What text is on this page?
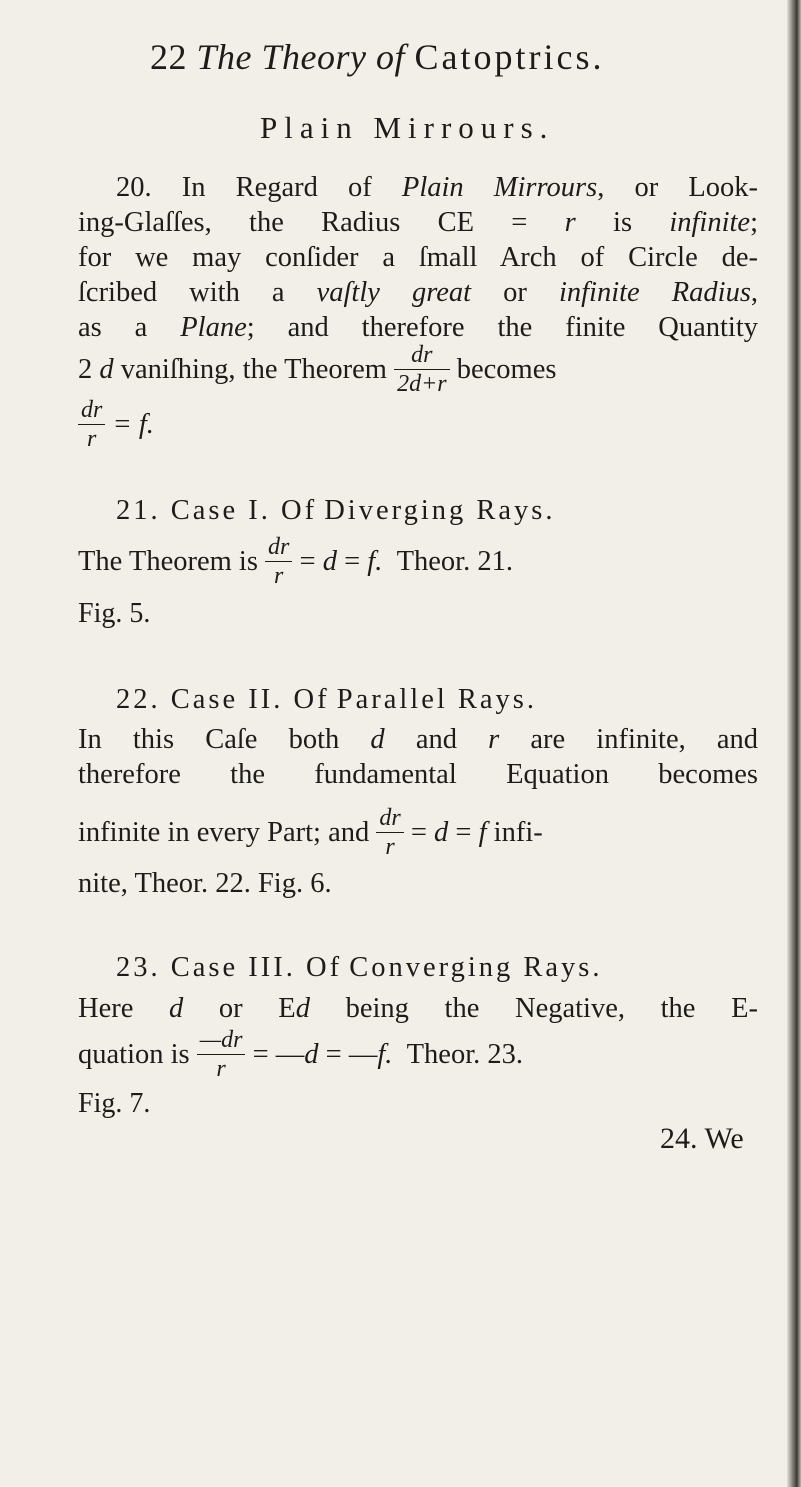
22 The Theory of Catoptrics.
Plain Mirrours.
20. In Regard of Plain Mirrours, or Look-
ing-Glaſſes, the Radius CE = r is infinite;
for we may conſider a ſmall Arch of Circle de-
ſcribed with a vaſtly great or infinite Radius,
as a Plane; and therefore the finite Quantity
2 d vaniſhing, the Theorem $\frac{dr}{2d+r}$ becomes
$\frac{dr}{r} = f$.
21. Case I. Of Diverging Rays.
The Theorem is $\frac{dr}{r} = d = f$. Theor. 21.
Fig. 5.
22. Case II. Of Parallel Rays.
In this Caſe both d and r are infinite, and
therefore the fundamental Equation becomes
infinite in every Part; and $\frac{dr}{r} = d = f$ infi-
nite, Theor. 22. Fig. 6.
23. Case III. Of Converging Rays.
Here d or Ed being the Negative, the E-
quation is $\frac{—dr}{r}$ = —d = —f. Theor. 23.
Fig. 7.
24. We
